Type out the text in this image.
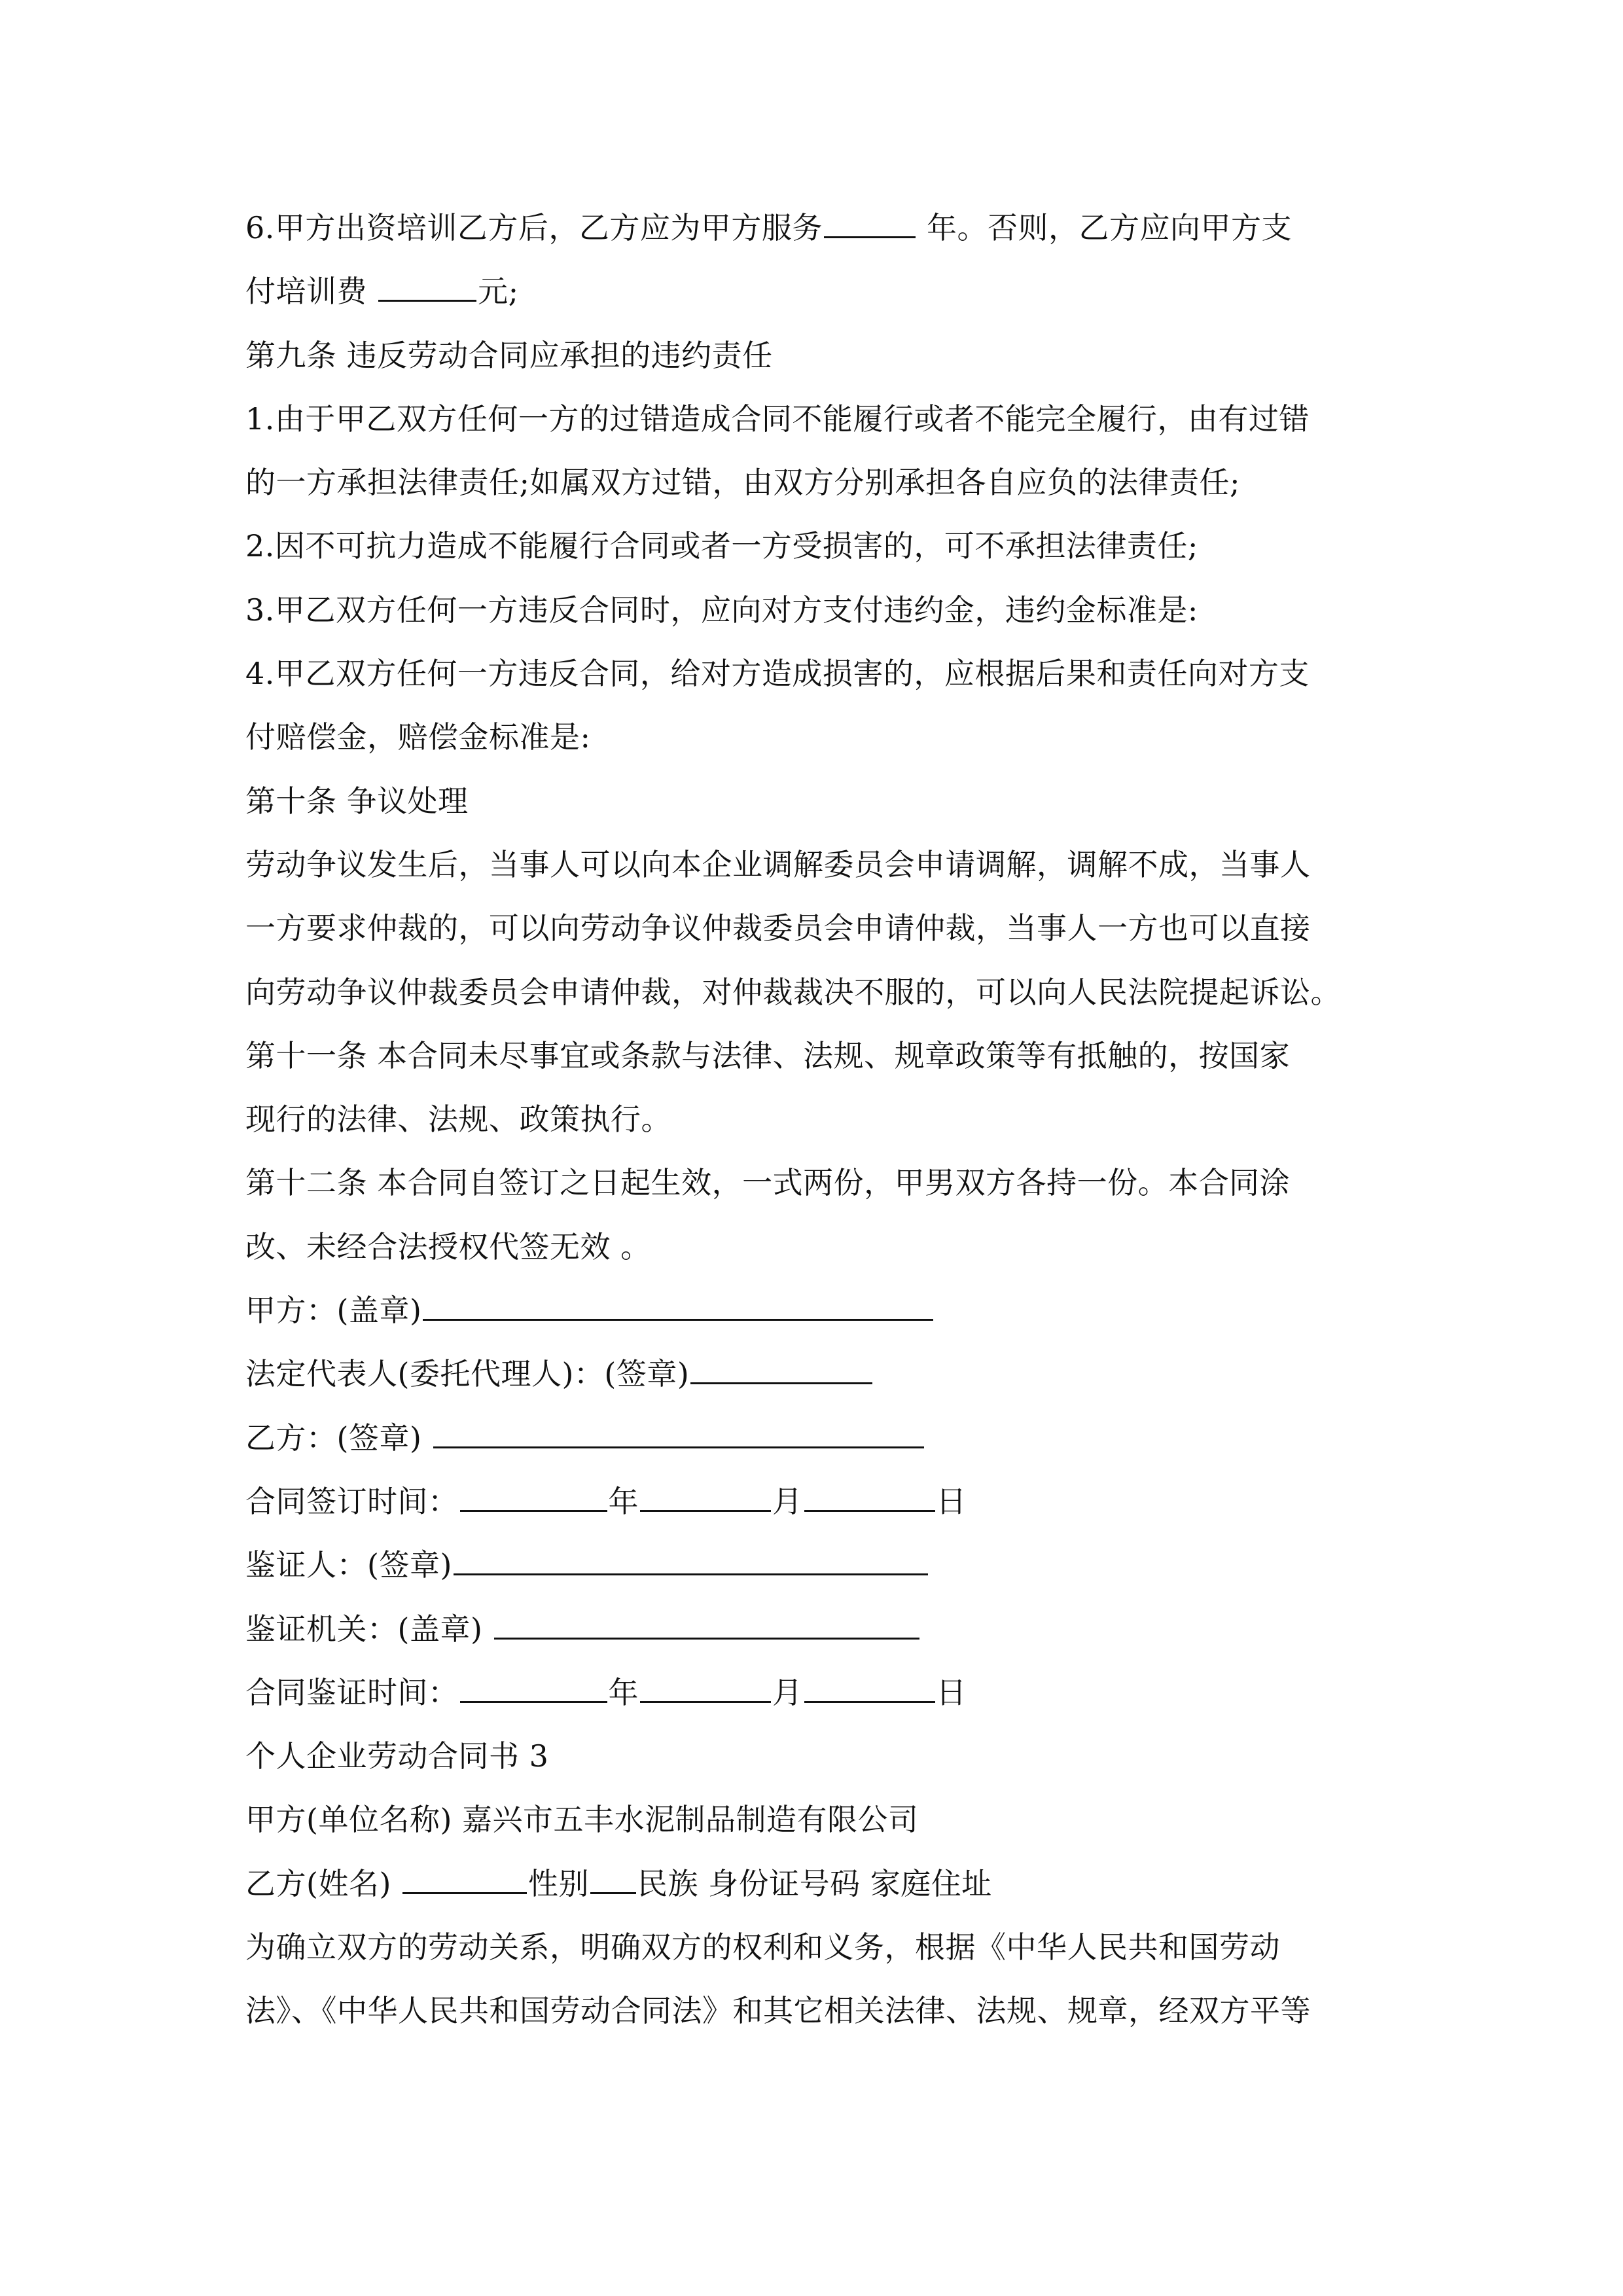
6.甲方出资培训乙方后，乙方应为甲方服务	年。否则，乙方应向甲方支
付培训费	元;
第九条 违反劳动合同应承担的违约责任
1.由于甲乙双方任何一方的过错造成合同不能履行或者不能完全履行，由有过错
的一方承担法律责任;如属双方过错，由双方分别承担各自应负的法律责任;
2.因不可抗力造成不能履行合同或者一方受损害的，可不承担法律责任;
3.甲乙双方任何一方违反合同时，应向对方支付违约金，违约金标准是:
4.甲乙双方任何一方违反合同，给对方造成损害的，应根据后果和责任向对方支
付赔偿金，赔偿金标准是:
第十条 争议处理
劳动争议发生后，当事人可以向本企业调解委员会申请调解，调解不成，当事人
一方要求仲裁的，可以向劳动争议仲裁委员会申请仲裁，当事人一方也可以直接
向劳动争议仲裁委员会申请仲裁，对仲裁裁决不服的，可以向人民法院提起诉讼。
第十一条 本合同未尽事宜或条款与法律、法规、规章政策等有抵触的，按国家
现行的法律、法规、政策执行。
第十二条 本合同自签订之日起生效，一式两份，甲男双方各持一份。本合同涂
改、未经合法授权代签无效 。
甲方：(盖章)
法定代表人(委托代理人)：(签章)
乙方：(签章)
合同签订时间：	年	月	日
鉴证人：(签章)
鉴证机关：(盖章)
合同鉴证时间：	年	月	日
个人企业劳动合同书 3
甲方(单位名称) 嘉兴市五丰水泥制品制造有限公司
乙方(姓名)	性别 民族 身份证号码 家庭住址
为确立双方的劳动关系，明确双方的权利和义务，根据《中华人民共和国劳动
法》、《中华人民共和国劳动合同法》和其它相关法律、法规、规章，经双方平等
